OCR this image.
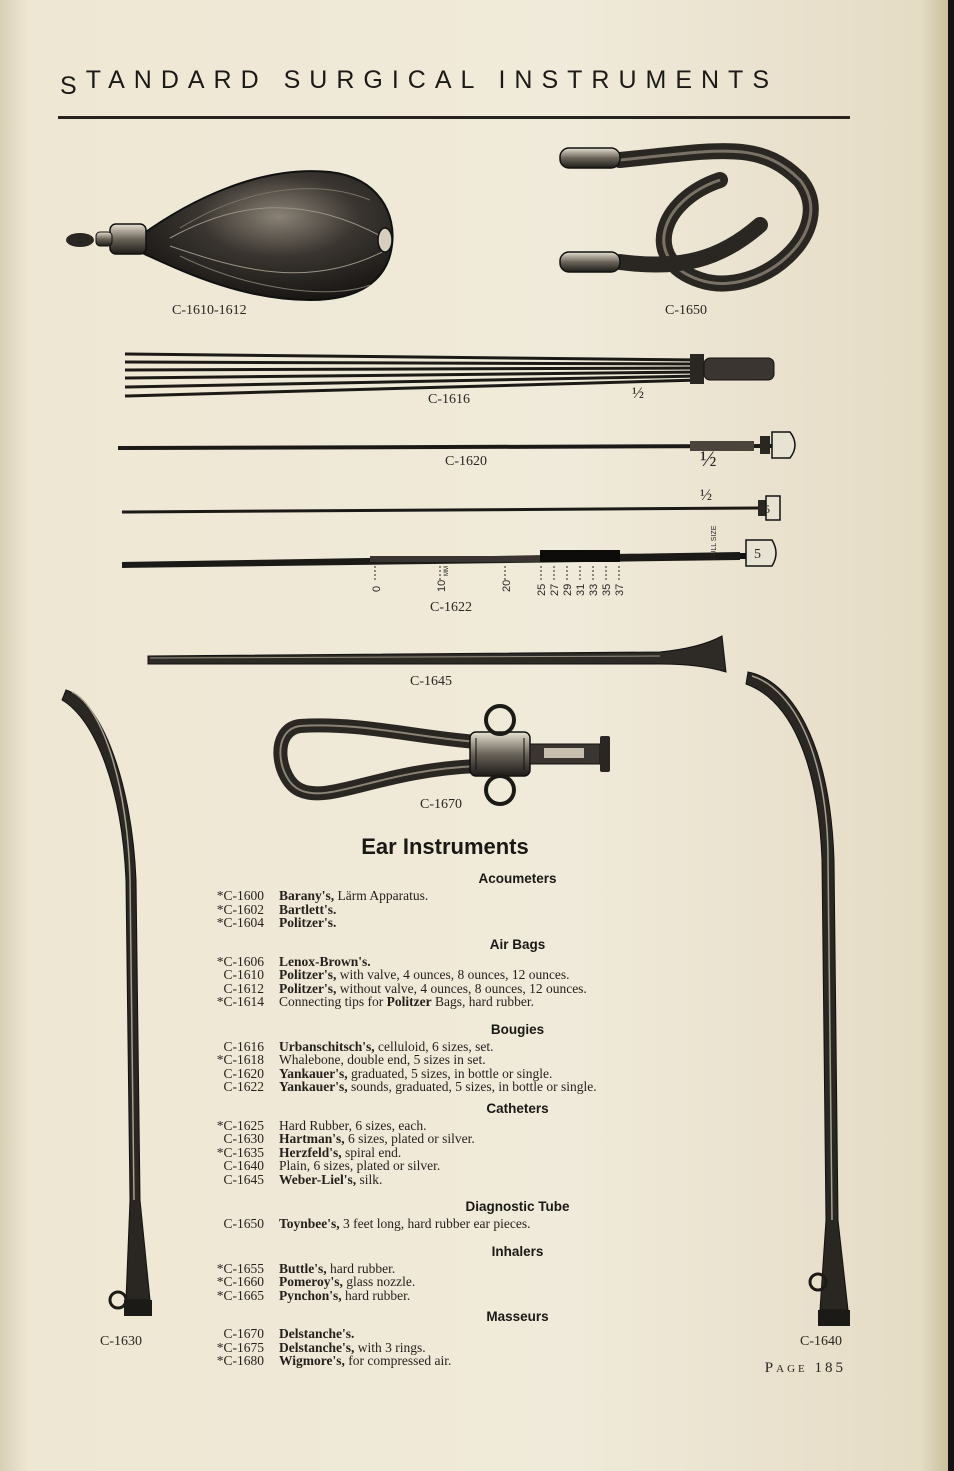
STANDARD SURGICAL INSTRUMENTS
½
½
½
5
5
FULL SIZE
0	10
MM
20 25 27 29 31 33 35 37
C-1610-1612	C-1650
C-1616
C-1620
C-1622
C-1645
C-1670
C-1630	C-1640
Ear Instruments
Acoumeters
*C-1600 Barany's, Lärm Apparatus.
*C-1602 Bartlett's.
*C-1604 Politzer's.
Air Bags
*C-1606 Lenox-Brown's.
C-1610 Politzer's, with valve, 4 ounces, 8 ounces, 12 ounces.
C-1612 Politzer's, without valve, 4 ounces, 8 ounces, 12 ounces.
*C-1614 Connecting tips for Politzer Bags, hard rubber.
Bougies
C-1616 Urbanschitsch's, celluloid, 6 sizes, set.
*C-1618 Whalebone, double end, 5 sizes in set.
C-1620 Yankauer's, graduated, 5 sizes, in bottle or single.
C-1622 Yankauer's, sounds, graduated, 5 sizes, in bottle or single.
Catheters
*C-1625 Hard Rubber, 6 sizes, each.
C-1630 Hartman's, 6 sizes, plated or silver.
*C-1635 Herzfeld's, spiral end.
C-1640 Plain, 6 sizes, plated or silver.
C-1645 Weber-Liel's, silk.
Diagnostic Tube
C-1650 Toynbee's, 3 feet long, hard rubber ear pieces.
Inhalers
*C-1655 Buttle's, hard rubber.
*C-1660 Pomeroy's, glass nozzle.
*C-1665 Pynchon's, hard rubber.
Masseurs
C-1670 Delstanche's.
*C-1675 Delstanche's, with 3 rings.
*C-1680 Wigmore's, for compressed air.	Page 185
